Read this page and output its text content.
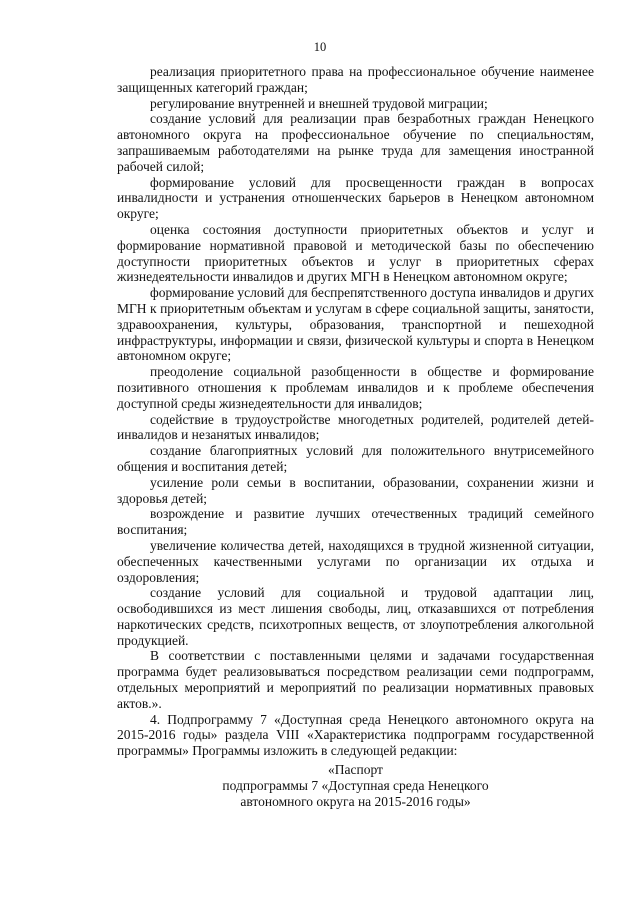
10

реализация приоритетного права на профессиональное обучение наименее защищенных категорий граждан;

регулирование внутренней и внешней трудовой миграции;

создание условий для реализации прав безработных граждан Ненецкого автономного округа на профессиональное обучение по специальностям, запрашиваемым работодателями на рынке труда для замещения иностранной рабочей силой;

формирование условий для просвещенности граждан в вопросах инвалидности и устранения отношенческих барьеров в Ненецком автономном округе;

оценка состояния доступности приоритетных объектов и услуг и формирование нормативной правовой и методической базы по обеспечению доступности приоритетных объектов и услуг в приоритетных сферах жизнедеятельности инвалидов и других МГН в Ненецком автономном округе;

формирование условий для беспрепятственного доступа инвалидов и других МГН к приоритетным объектам и услугам в сфере социальной защиты, занятости, здравоохранения, культуры, образования, транспортной и пешеходной инфраструктуры, информации и связи, физической культуры и спорта в Ненецком автономном округе;

преодоление социальной разобщенности в обществе и формирование позитивного отношения к проблемам инвалидов и к проблеме обеспечения доступной среды жизнедеятельности для инвалидов;

содействие в трудоустройстве многодетных родителей, родителей детей-инвалидов и незанятых инвалидов;

создание благоприятных условий для положительного внутрисемейного общения и воспитания детей;

усиление роли семьи в воспитании, образовании, сохранении жизни и здоровья детей;

возрождение и развитие лучших отечественных традиций семейного воспитания;

увеличение количества детей, находящихся в трудной жизненной ситуации, обеспеченных качественными услугами по организации их отдыха и оздоровления;

создание условий для социальной и трудовой адаптации лиц, освободившихся из мест лишения свободы, лиц, отказавшихся от потребления наркотических средств, психотропных веществ, от злоупотребления алкогольной продукцией.

В соответствии с поставленными целями и задачами государственная программа будет реализовываться посредством реализации семи подпрограмм, отдельных мероприятий и мероприятий по реализации нормативных правовых актов.».

4. Подпрограмму 7 «Доступная среда Ненецкого автономного округа на 2015-2016 годы» раздела VIII «Характеристика подпрограмм государственной программы» Программы изложить в следующей редакции:

«Паспорт
подпрограммы 7 «Доступная среда Ненецкого
автономного округа на 2015-2016 годы»
